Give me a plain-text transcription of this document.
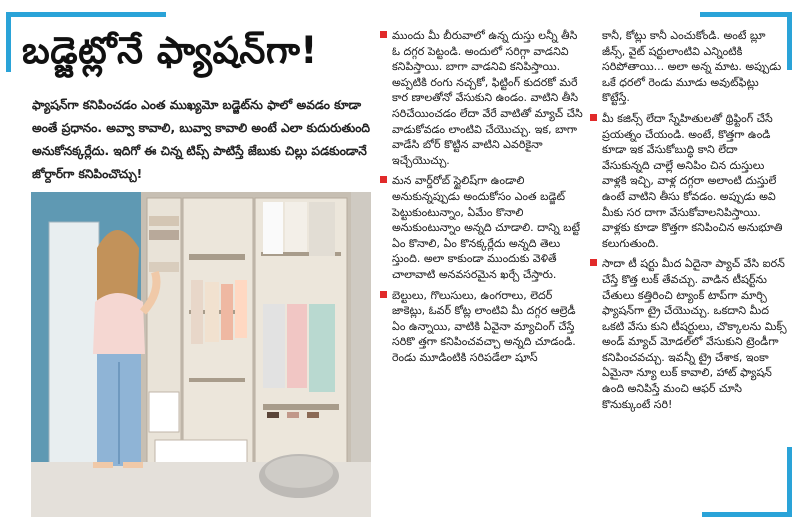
బడ్జెట్లోనే ఫ్యాషన్‌గా!
ఫ్యాషన్‌గా కనిపించడం ఎంత ముఖ్యమో బడ్జెట్‌ను ఫాలో అవడం కూడా అంతే ప్రధానం. అవ్వా కావాలి, బువ్వా కావాలి అంటే ఎలా కుదురుతుంది అనుకోనక్కర్లేదు. ఇదిగో ఈ చిన్న టిప్స్ పాటిస్తే జేబుకు చిల్లు పడకుండానే జోర్దార్‌గా కనిపించొచ్చు!
ముందు మీ బీరువాలో ఉన్న దుస్తు లన్నీ తీసి ఓ దగ్గర పెట్టండి. అందులో సరిగ్గా వాడనివి కనిపిస్తాయి. బాగా వాడనివి కనిపిస్తాయి. అప్పటికి రంగు నచ్చకో, ఫిట్టింగ్ కుదరకో మరే కార ణాలతోనో వేసుకుని ఉండం. వాటిని తీసి సరిచేయించడం లేదా వేరే వాటితో మ్యాచ్ చేసి వాడుకోవడం లాంటివి చేయొచ్చు. ఇక, బాగా వాడేసి బోర్ కొట్టిన వాటిని ఎవరికైనా ఇచ్చేయొచ్చు.
మన వార్డ్‌రోబ్ స్టైలిష్‌గా ఉండాలి అనుకున్నప్పుడు అందుకోసం ఎంత బడ్జెట్ పెట్టుకుంటున్నాం, ఏమేం కొనాలి అనుకుంటున్నాం అన్నది చూడాలి. దాన్ని బట్టే ఏం కొనాలి, ఏం కొనక్కర్లేదు అన్నది తెలు స్తుంది. అలా కాకుండా ముందుకు వెళితే చాలావాటి అనవసరమైన ఖర్చే చేస్తారు.
బెల్టులు, గొలుసులు, ఉంగరాలు, లెదర్ జాకెట్లు, ఓవర్ కోట్ల లాంటివి మీ దగ్గర ఆల్రెడీ ఏం ఉన్నాయి, వాటికి ఏవైనా మ్యాచింగ్ చేస్తే సరికొ త్తగా కనిపించవచ్చా అన్నది చూడండి. రెండు మూడింటికి సరిపడేలా షూస్
కానీ, కోట్లు కానీ ఎంచుకోండి. అంటే బ్లూ జీన్స్, వైట్ షర్టులాంటివి ఎన్నింటికి సరిపోతాయి... అలా అన్న మాట. అప్పుడు ఒకే ధరలో రెండు మూడు అవుట్‌ఫిట్లు కొట్టేస్తే.
మీ కజిన్స్ లేదా స్నేహితులతో థ్రిఫ్టింగ్ చేసే ప్రయత్నం చేయండి. అంటే, కొత్తగా ఉండి కూడా ఇక వేసుకోబుద్ధి కాని లేదా వేసుకున్నది చాల్లే అనిపిం చిన దుస్తులు వాళ్లకి ఇచ్చి, వాళ్ల దగ్గరా అలాంటి దుస్తులే ఉంటే వాటిని తీసు కోవడం. అప్పుడు అవి మీకు సర దాగా వేసుకోవాలనిపిస్తాయి. వాళ్లకు కూడా కొత్తగా కనిపించిన అనుభూతి కలుగుతుంది.
సాదా టీ షర్టు మీద ఏదైనా ప్యాచ్ వేసి ఐరన్ చేస్తే కొత్త లుక్ తేవచ్చు. వాడిన టీషర్ట్‌ను చేతులు కత్తిరించి ట్యాంక్ టాప్‌గా మార్చి ఫ్యాషన్‌గా ట్రై చేయొచ్చు. ఒకదాని మీద ఒకటి వేసు కుని టీషర్టులు, చొక్కాలను మిక్స్ అండ్ మ్యాచ్ మోడల్‌లో వేసుకుని ట్రెండీగా కనిపించవచ్చు. ఇవన్నీ ట్రై చేశాక, ఇంకా ఏమైనా న్యూ లుక్ కావాలి, హాట్ ఫ్యాషన్ ఉంది అనిపిస్తే మంచి ఆఫర్ చూసి కొనుక్కుంటే సరి!
